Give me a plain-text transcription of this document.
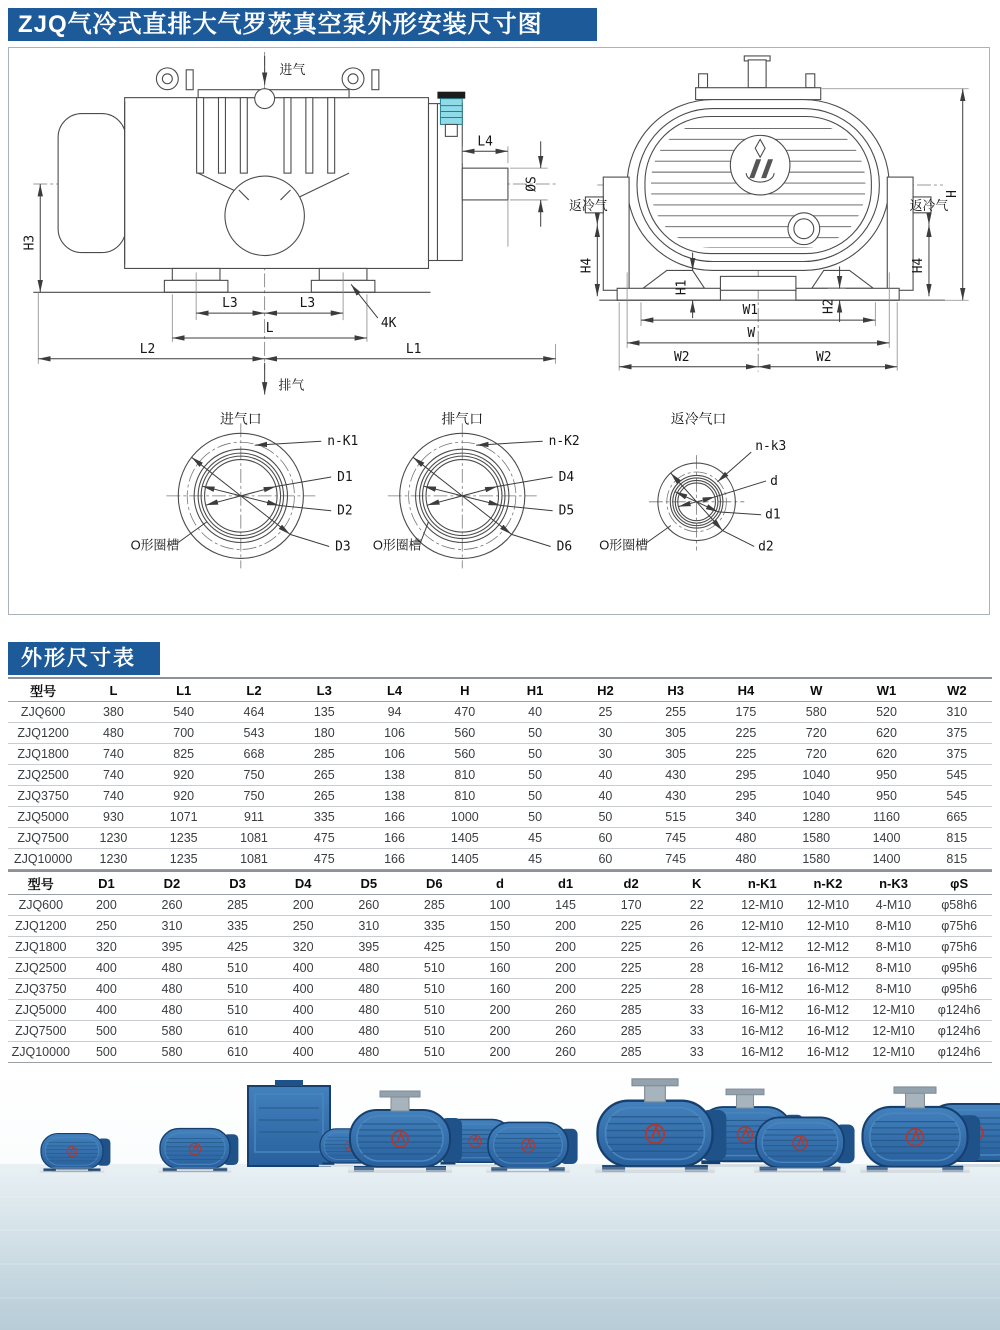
ZJQ气冷式直排大气罗茨真空泵外形安装尺寸图
进气
L4
ØS
H3
L3	L3
L	4K
L2	L1
排气
返冷气	返冷气
H4	H4
H
H1
H2
W1
W
W2	W2
进气口
n-K1
D1
D2
D3
O形圈槽
排气口
n-K2
D4
D5
D6
O形圈槽
返冷气口
n-k3
d
d1
d2
O形圈槽
外形尺寸表
型号	L	L1	L2	L3	L4	H	H1	H2	H3	H4	W	W1	W2
ZJQ600	380	540	464	135	94	470	40	25	255	175	580	520	310
ZJQ1200	480	700	543	180	106	560	50	30	305	225	720	620	375
ZJQ1800	740	825	668	285	106	560	50	30	305	225	720	620	375
ZJQ2500	740	920	750	265	138	810	50	40	430	295	1040	950	545
ZJQ3750	740	920	750	265	138	810	50	40	430	295	1040	950	545
ZJQ5000	930	1071	911	335	166	1000	50	50	515	340	1280	1160	665
ZJQ7500	1230	1235	1081	475	166	1405	45	60	745	480	1580	1400	815
ZJQ10000	1230	1235	1081	475	166	1405	45	60	745	480	1580	1400	815
型号	D1	D2	D3	D4	D5	D6	d	d1	d2	K	n-K1	n-K2	n-K3	φS
ZJQ600	200	260	285	200	260	285	100	145	170	22	12-M10	12-M10	4-M10	φ58h6
ZJQ1200	250	310	335	250	310	335	150	200	225	26	12-M10	12-M10	8-M10	φ75h6
ZJQ1800	320	395	425	320	395	425	150	200	225	26	12-M12	12-M12	8-M10	φ75h6
ZJQ2500	400	480	510	400	480	510	160	200	225	28	16-M12	16-M12	8-M10	φ95h6
ZJQ3750	400	480	510	400	480	510	160	200	225	28	16-M12	16-M12	8-M10	φ95h6
ZJQ5000	400	480	510	400	480	510	200	260	285	33	16-M12	16-M12	12-M10	φ124h6
ZJQ7500	500	580	610	400	480	510	200	260	285	33	16-M12	16-M12	12-M10	φ124h6
ZJQ10000	500	580	610	400	480	510	200	260	285	33	16-M12	16-M12	12-M10	φ124h6
